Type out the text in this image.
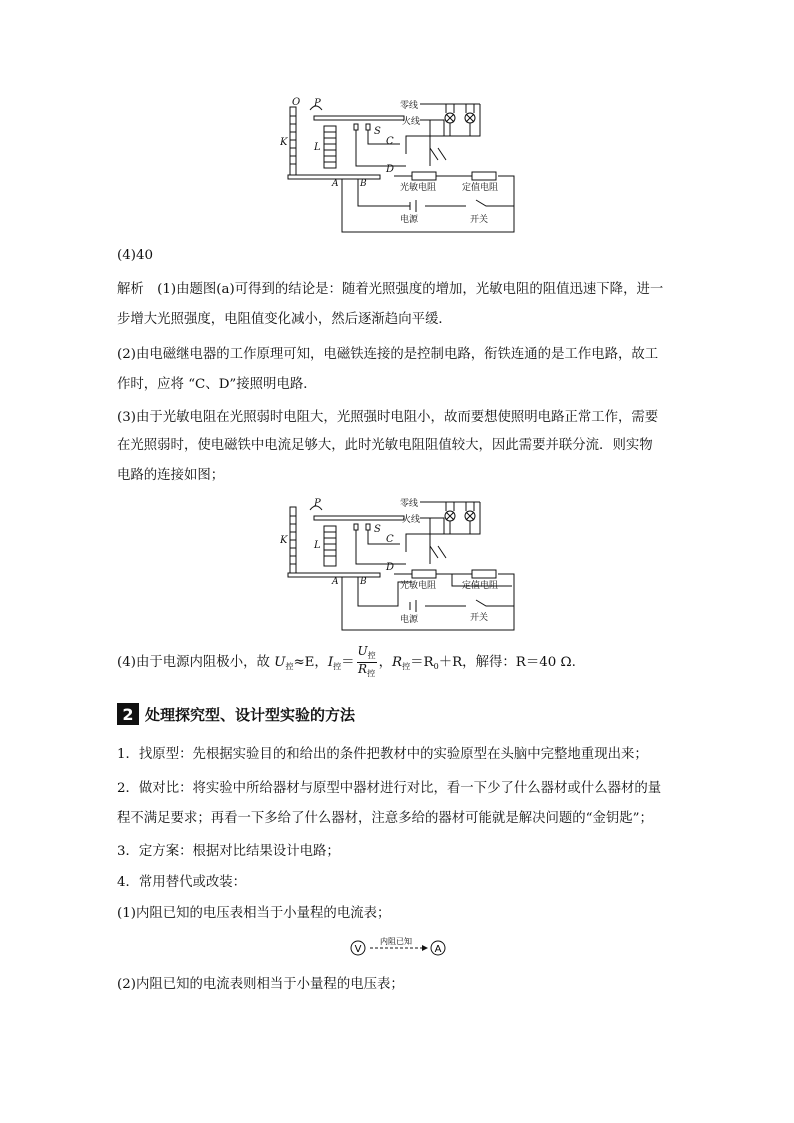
O P
K	L
S
C
D
A B
零线
火线
光敏电阻	定值电阻
电源	开关
(4)40
解析　(1)由题图(a)可得到的结论是：随着光照强度的增加，光敏电阻的阻值迅速下降，进一
步增大光照强度，电阻值变化减小，然后逐渐趋向平缓．
(2)由电磁继电器的工作原理可知，电磁铁连接的是控制电路，衔铁连通的是工作电路，故工
作时，应将 “C、D”接照明电路．
(3)由于光敏电阻在光照弱时电阻大，光照强时电阻小，故而要想使照明电路正常工作，需要
在光照弱时，使电磁铁中电流足够大，此时光敏电阻阻值较大，因此需要并联分流．则实物
电路的连接如图；
P
K	L
S
C
D
A B
零线
火线
光敏电阻	定值电阻
电源	开关
(4)由于电源内阻极小，故 $U_控\approx E$，$I_控= \frac{U_控}{R_控}$ ，$R_控=R_0+R$，解得：R＝40 Ω.
2 处理探究型、设计型实验的方法
1．找原型：先根据实验目的和给出的条件把教材中的实验原型在头脑中完整地重现出来；
2．做对比：将实验中所给器材与原型中器材进行对比，看一下少了什么器材或什么器材的量
程不满足要求；再看一下多给了什么器材，注意多给的器材可能就是解决问题的“金钥匙”；
3．定方案：根据对比结果设计电路；
4．常用替代或改装：
(1)内阻已知的电压表相当于小量程的电流表；
V
内阻已知
A
(2)内阻已知的电流表则相当于小量程的电压表；
